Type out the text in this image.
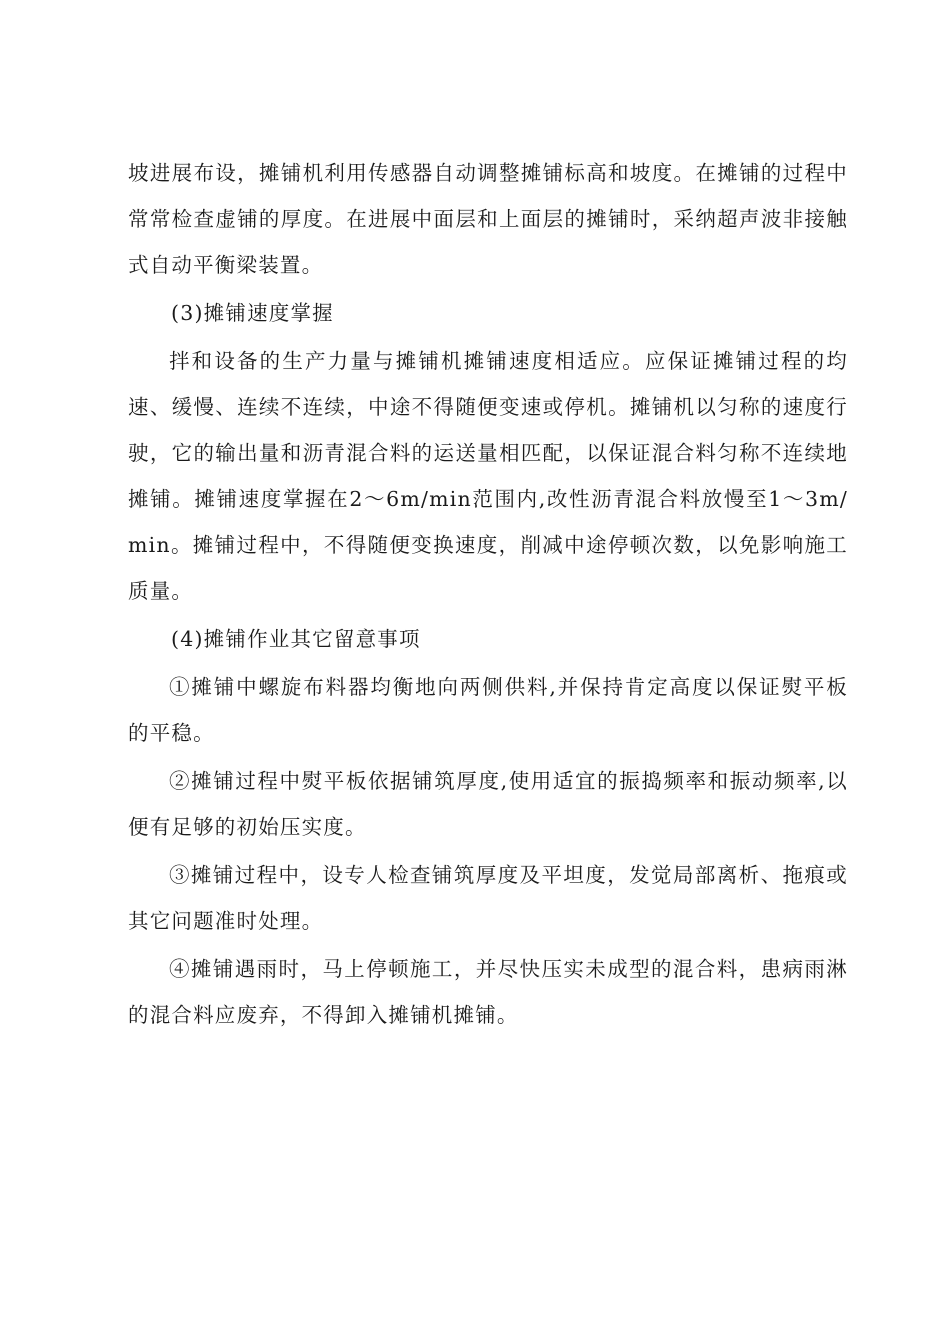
坡进展布设，摊铺机利用传感器自动调整摊铺标高和坡度。在摊铺的过程中常常检查虚铺的厚度。在进展中面层和上面层的摊铺时，采纳超声波非接触式自动平衡梁装置。

(3)摊铺速度掌握

拌和设备的生产力量与摊铺机摊铺速度相适应。应保证摊铺过程的均速、缓慢、连续不连续，中途不得随便变速或停机。摊铺机以匀称的速度行驶，它的输出量和沥青混合料的运送量相匹配，以保证混合料匀称不连续地摊铺。摊铺速度掌握在2～6m/min范围内,改性沥青混合料放慢至1～3m/min。摊铺过程中，不得随便变换速度，削减中途停顿次数，以免影响施工质量。

(4)摊铺作业其它留意事项

①摊铺中螺旋布料器均衡地向两侧供料,并保持肯定高度以保证熨平板的平稳。

②摊铺过程中熨平板依据铺筑厚度,使用适宜的振捣频率和振动频率,以便有足够的初始压实度。

③摊铺过程中，设专人检查铺筑厚度及平坦度，发觉局部离析、拖痕或其它问题准时处理。

④摊铺遇雨时，马上停顿施工，并尽快压实未成型的混合料，患病雨淋的混合料应废弃，不得卸入摊铺机摊铺。
